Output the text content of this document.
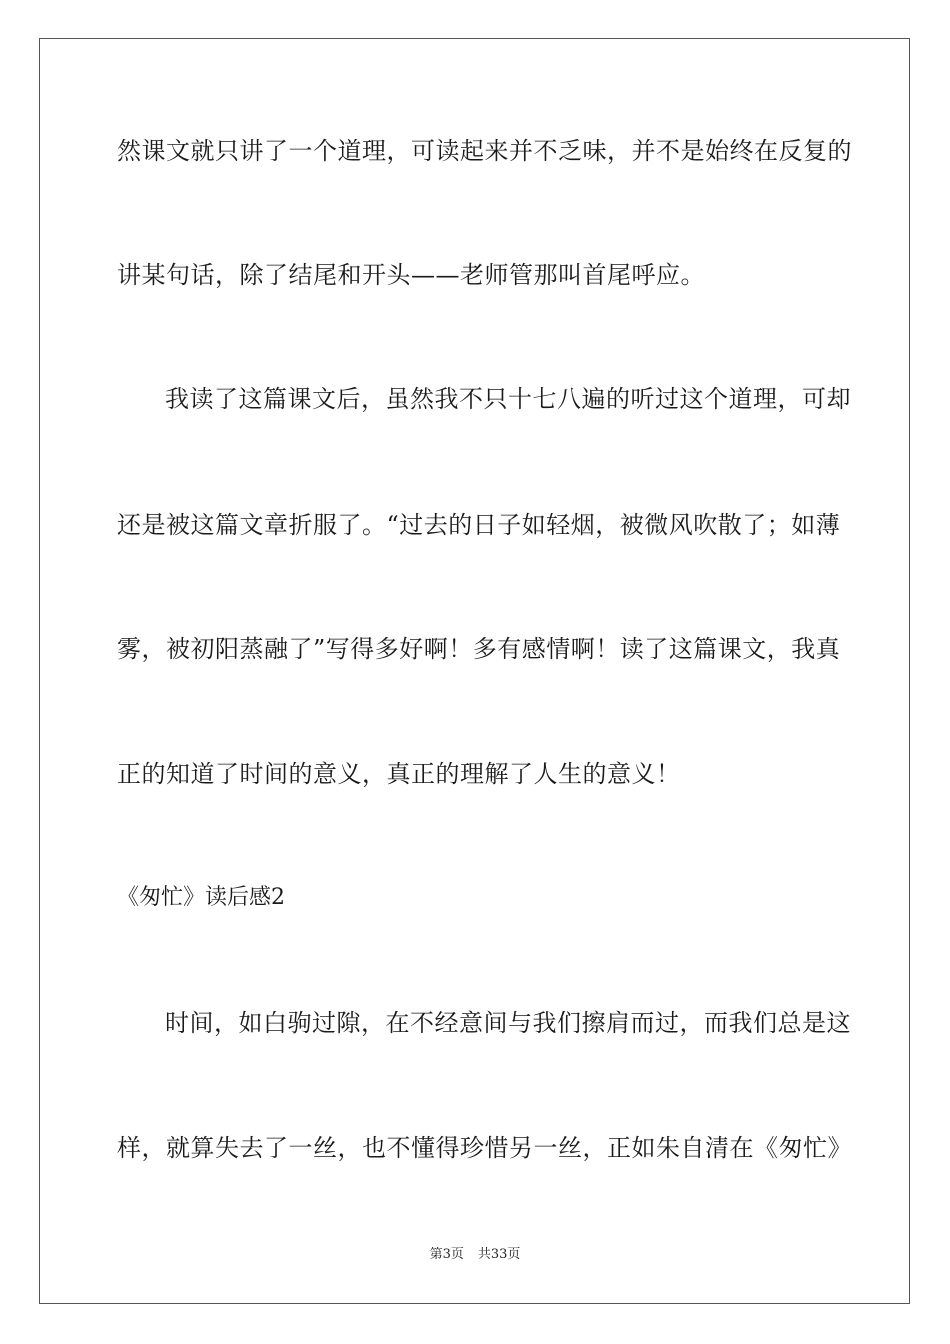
然课文就只讲了一个道理，可读起来并不乏味，并不是始终在反复的
讲某句话，除了结尾和开头——老师管那叫首尾呼应。
我读了这篇课文后，虽然我不只十七八遍的听过这个道理，可却
还是被这篇文章折服了。“过去的日子如轻烟，被微风吹散了；如薄
雾，被初阳蒸融了”写得多好啊！多有感情啊！读了这篇课文，我真
正的知道了时间的意义，真正的理解了人生的意义！
《匆忙》读后感2
时间，如白驹过隙，在不经意间与我们擦肩而过，而我们总是这
样，就算失去了一丝，也不懂得珍惜另一丝，正如朱自清在《匆忙》
第3页 共33页
